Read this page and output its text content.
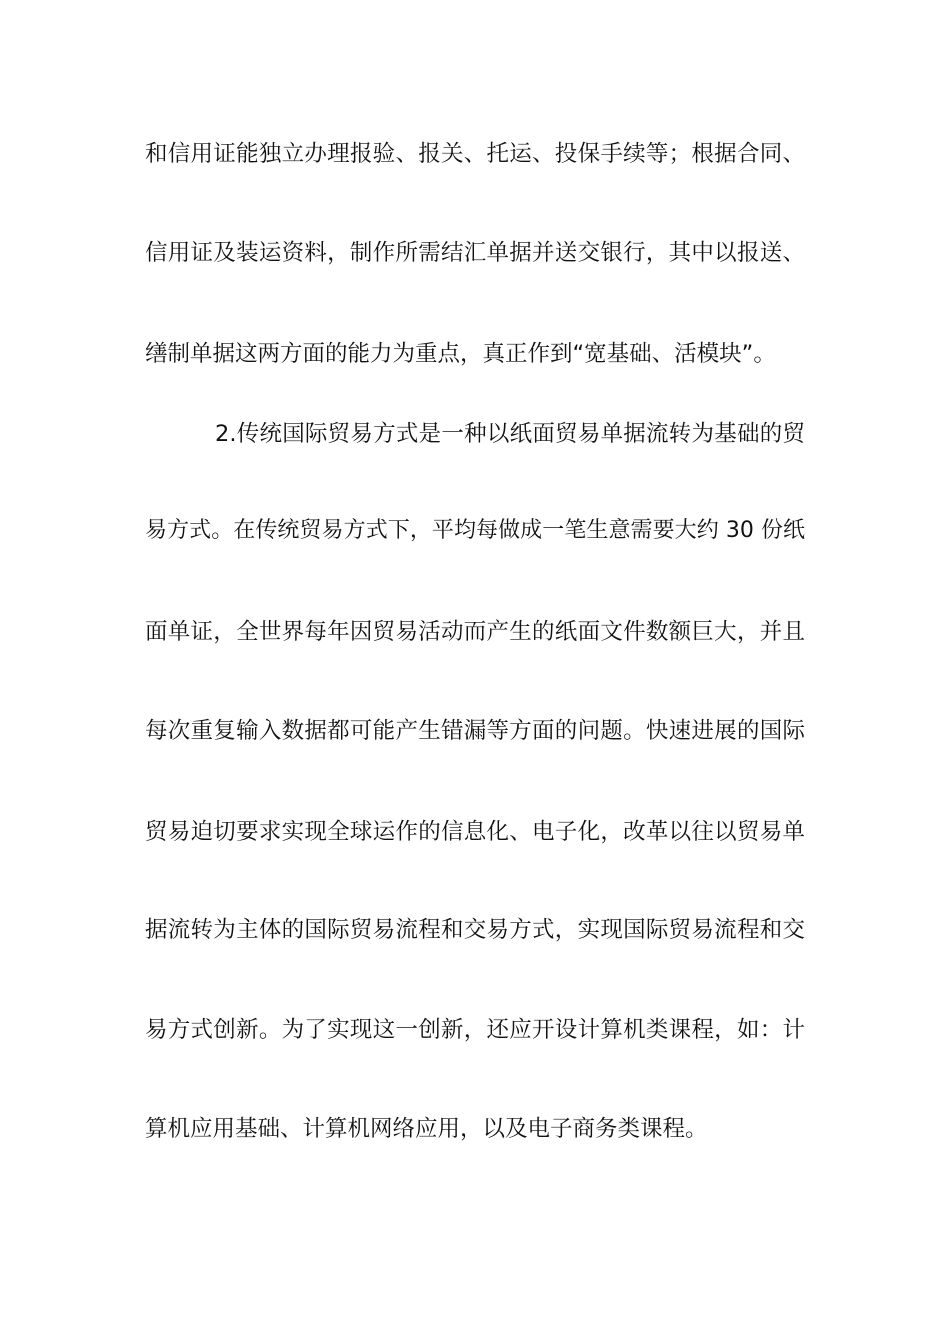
和信用证能独立办理报验、报关、托运、投保手续等；根据合同、
信用证及装运资料，制作所需结汇单据并送交银行，其中以报送、
缮制单据这两方面的能力为重点，真正作到“宽基础、活模块”。
2.传统国际贸易方式是一种以纸面贸易单据流转为基础的贸
易方式。在传统贸易方式下，平均每做成一笔生意需要大约 30 份纸
面单证，全世界每年因贸易活动而产生的纸面文件数额巨大，并且
每次重复输入数据都可能产生错漏等方面的问题。快速进展的国际
贸易迫切要求实现全球运作的信息化、电子化，改革以往以贸易单
据流转为主体的国际贸易流程和交易方式，实现国际贸易流程和交
易方式创新。为了实现这一创新，还应开设计算机类课程，如：计
算机应用基础、计算机网络应用，以及电子商务类课程。
